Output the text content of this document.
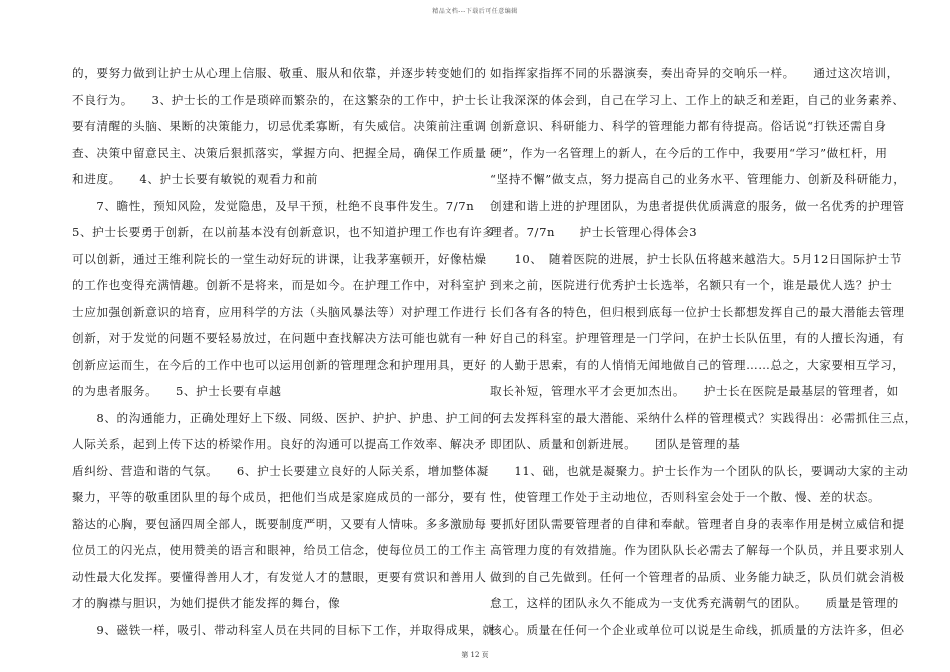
精品文档---下载后可任意编辑
的，要努力做到让护士从心理上信服、敬重、服从和依靠，并逐步转变她们的
不良行为。　　3、护士长的工作是琐碎而繁杂的，在这繁杂的工作中，护士长
要有清醒的头脑、果断的决策能力，切忌优柔寡断，有失威信。决策前注重调
查、决策中留意民主、决策后狠抓落实，掌握方向、把握全局，确保工作质量
和进度。　　4、护士长要有敏锐的观看力和前
　　7、瞻性，预知风险，发觉隐患，及早干预，杜绝不良事件发生。7/7n
5、护士长要勇于创新，在以前基本没有创新意识，也不知道护理工作也有许多
可以创新，通过王维利院长的一堂生动好玩的讲课，让我茅塞顿开，好像枯燥
的工作也变得充满情趣。创新不是将来，而是如今。在护理工作中，对科室护
士应加强创新意识的培育，应用科学的方法（头脑风暴法等）对护理工作进行
创新，对于发觉的问题不要轻易放过，在问题中查找解决方法可能也就有一种
创新应运而生，在今后的工作中也可以运用创新的管理理念和护理用具，更好
的为患者服务。　　5、护士长要有卓越
　　8、的沟通能力，正确处理好上下级、同级、医护、护护、护患、护工间的
人际关系，起到上传下达的桥梁作用。良好的沟通可以提高工作效率、解决矛
盾纠纷、营造和谐的气氛。　　6、护士长要建立良好的人际关系，增加整体凝
聚力，平等的敬重团队里的每个成员，把他们当成是家庭成员的一部分，要有
豁达的心胸，要包涵四周全部人，既要制度严明，又要有人情味。多多激励每
位员工的闪光点，使用赞美的语言和眼神，给员工信念，使每位员工的工作主
动性最大化发挥。要懂得善用人才，有发觉人才的慧眼，更要有赏识和善用人
才的胸襟与胆识，为她们提供才能发挥的舞台，像
　　9、磁铁一样，吸引、带动科室人员在共同的目标下工作，并取得成果，就
如指挥家指挥不同的乐器演奏，奏出奇异的交响乐一样。　　通过这次培训，
让我深深的体会到，自己在学习上、工作上的缺乏和差距，自己的业务素养、
创新意识、科研能力、科学的管理能力都有待提高。俗话说“打铁还需自身
硬”，作为一名管理上的新人，在今后的工作中，我要用“学习”做杠杆，用
“坚持不懈”做支点，努力提高自己的业务水平、管理能力、创新及科研能力，
创建和谐上进的护理团队，为患者提供优质满意的服务，做一名优秀的护理管
理者。7/7n　　护士长管理心得体会3
　　10、　随着医院的进展，护士长队伍将越来越浩大。5月12日国际护士节
到来之前，医院进行优秀护士长选举，名额只有一个，谁是最优人选？护士
长们各有各的特色，但归根到底每一位护士长都想发挥自己的最大潜能去管理
好自己的科室。护理管理是一门学问，在护士长队伍里，有的人擅长沟通，有
的人勤于思索，有的人悄悄无闻地做自己的管理……总之，大家要相互学习，
取长补短，管理水平才会更加杰出。　　护士长在医院是最基层的管理者，如
何去发挥科室的最大潜能、采纳什么样的管理模式？实践得出：必需抓住三点，
即团队、质量和创新进展。　　团队是管理的基
　　11、础，也就是凝聚力。护士长作为一个团队的队长，要调动大家的主动
性，使管理工作处于主动地位，否则科室会处于一个散、慢、差的状态。
要抓好团队需要管理者的自律和奉献。管理者自身的表率作用是树立威信和提
高管理力度的有效措施。作为团队队长必需去了解每一个队员，并且要求别人
做到的自己先做到。任何一个管理者的品质、业务能力缺乏，队员们就会消极
怠工，这样的团队永久不能成为一支优秀充满朝气的团队。　　质量是管理的
核心。质量在任何一个企业或单位可以说是生命线，抓质量的方法许多，但必
第 12 页
